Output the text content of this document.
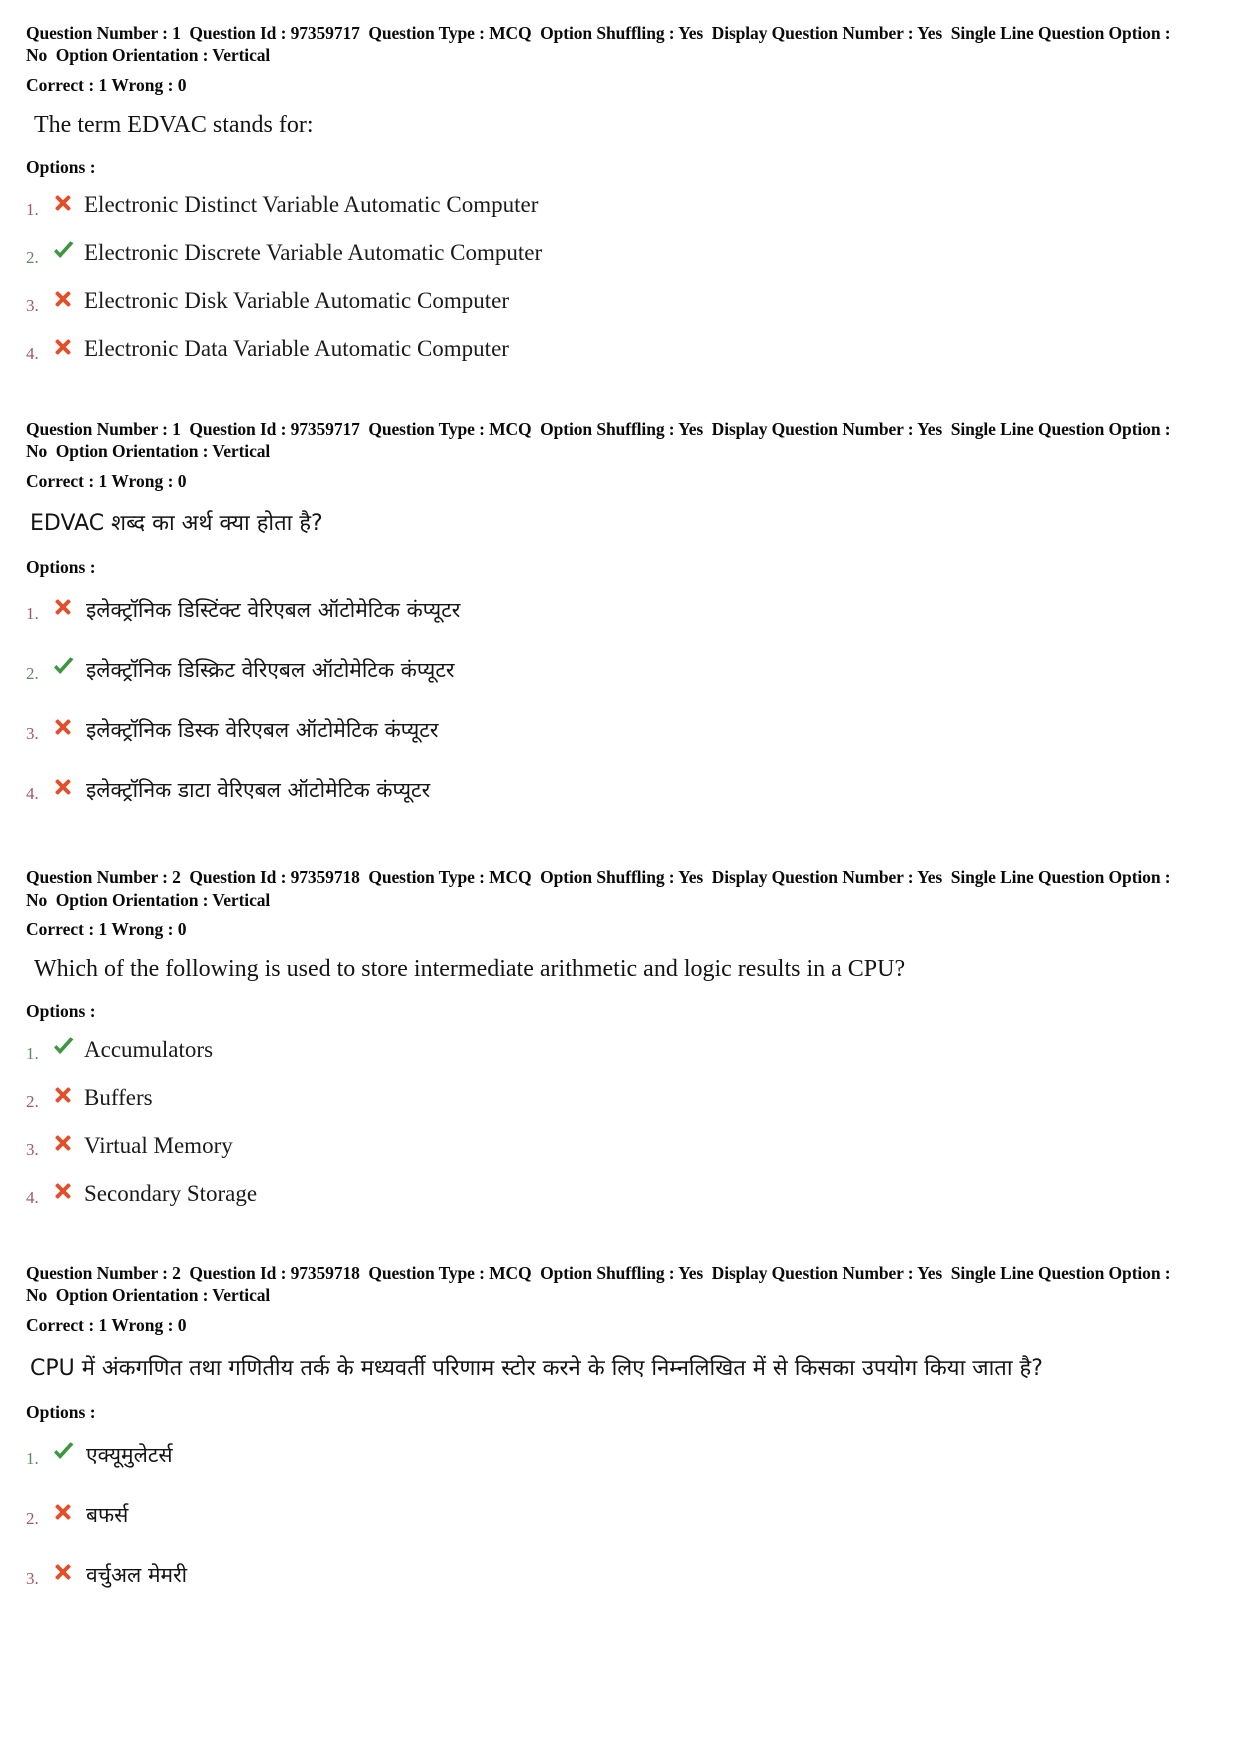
Question Number : 1 Question Id : 97359717 Question Type : MCQ Option Shuffling : Yes Display Question Number : Yes Single Line Question Option : No Option Orientation : Vertical
Correct : 1 Wrong : 0
The term EDVAC stands for:
Options :
1.	Electronic Distinct Variable Automatic Computer
2.	Electronic Discrete Variable Automatic Computer
3.	Electronic Disk Variable Automatic Computer
4.	Electronic Data Variable Automatic Computer
Question Number : 1 Question Id : 97359717 Question Type : MCQ Option Shuffling : Yes Display Question Number : Yes Single Line Question Option : No Option Orientation : Vertical
Correct : 1 Wrong : 0
EDVAC शब्द का अर्थ क्या होता है?
Options :
1.	इलेक्ट्रॉनिक डिस्टिंक्ट वेरिएबल ऑटोमेटिक कंप्यूटर
2.	इलेक्ट्रॉनिक डिस्क्रिट वेरिएबल ऑटोमेटिक कंप्यूटर
3.	इलेक्ट्रॉनिक डिस्क वेरिएबल ऑटोमेटिक कंप्यूटर
4.	इलेक्ट्रॉनिक डाटा वेरिएबल ऑटोमेटिक कंप्यूटर
Question Number : 2 Question Id : 97359718 Question Type : MCQ Option Shuffling : Yes Display Question Number : Yes Single Line Question Option : No Option Orientation : Vertical
Correct : 1 Wrong : 0
Which of the following is used to store intermediate arithmetic and logic results in a CPU?
Options :
1.	Accumulators
2.	Buffers
3.	Virtual Memory
4.	Secondary Storage
Question Number : 2 Question Id : 97359718 Question Type : MCQ Option Shuffling : Yes Display Question Number : Yes Single Line Question Option : No Option Orientation : Vertical
Correct : 1 Wrong : 0
CPU में अंकगणित तथा गणितीय तर्क के मध्यवर्ती परिणाम स्टोर करने के लिए निम्नलिखित में से किसका उपयोग किया जाता है?
Options :
1.	एक्यूमुलेटर्स
2.	बफर्स
3.	वर्चुअल मेमरी
